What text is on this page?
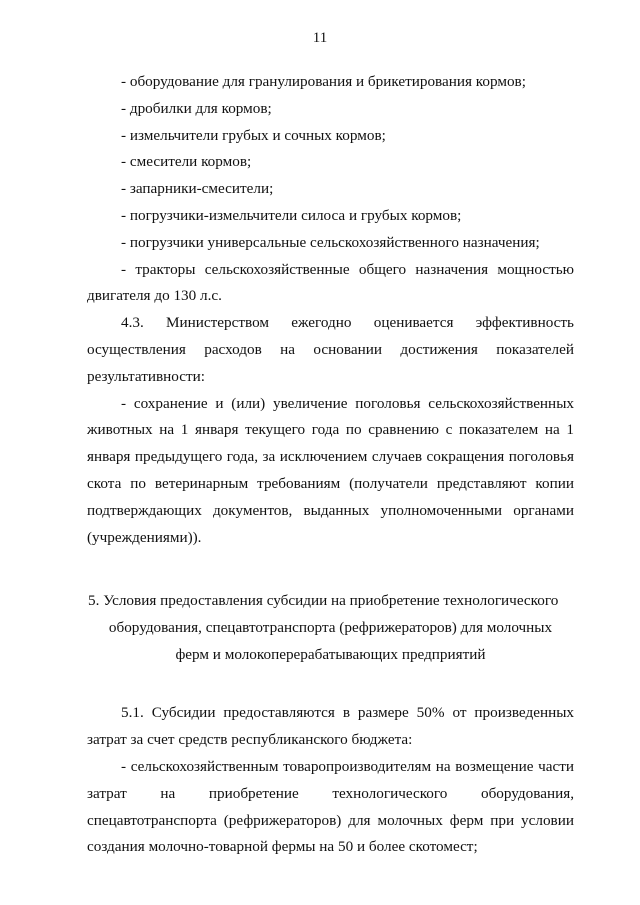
11

- оборудование для гранулирования и брикетирования кормов;

- дробилки для кормов;

- измельчители грубых и сочных кормов;

- смесители кормов;

- запарники-смесители;

- погрузчики-измельчители силоса и грубых кормов;

- погрузчики универсальные сельскохозяйственного назначения;

- тракторы сельскохозяйственные общего назначения мощностью двигателя до 130 л.с.

4.3. Министерством ежегодно оценивается эффективность осуществления расходов на основании достижения показателей результативности:

- сохранение и (или) увеличение поголовья сельскохозяйственных животных на 1 января текущего года по сравнению с показателем на 1 января предыдущего года, за исключением случаев сокращения поголовья скота по ветеринарным требованиям (получатели представляют копии подтверждающих документов, выданных уполномоченными органами (учреждениями)).

5. Условия предоставления субсидии на приобретение технологического
оборудования, спецавтотранспорта (рефрижераторов) для молочных
ферм и молокоперерабатывающих предприятий

5.1. Субсидии предоставляются в размере 50% от произведенных затрат за счет средств республиканского бюджета:

- сельскохозяйственным товаропроизводителям на возмещение части затрат на приобретение технологического оборудования, спецавтотранспорта (рефрижераторов) для молочных ферм при условии создания молочно-товарной фермы на 50 и более скотомест;
